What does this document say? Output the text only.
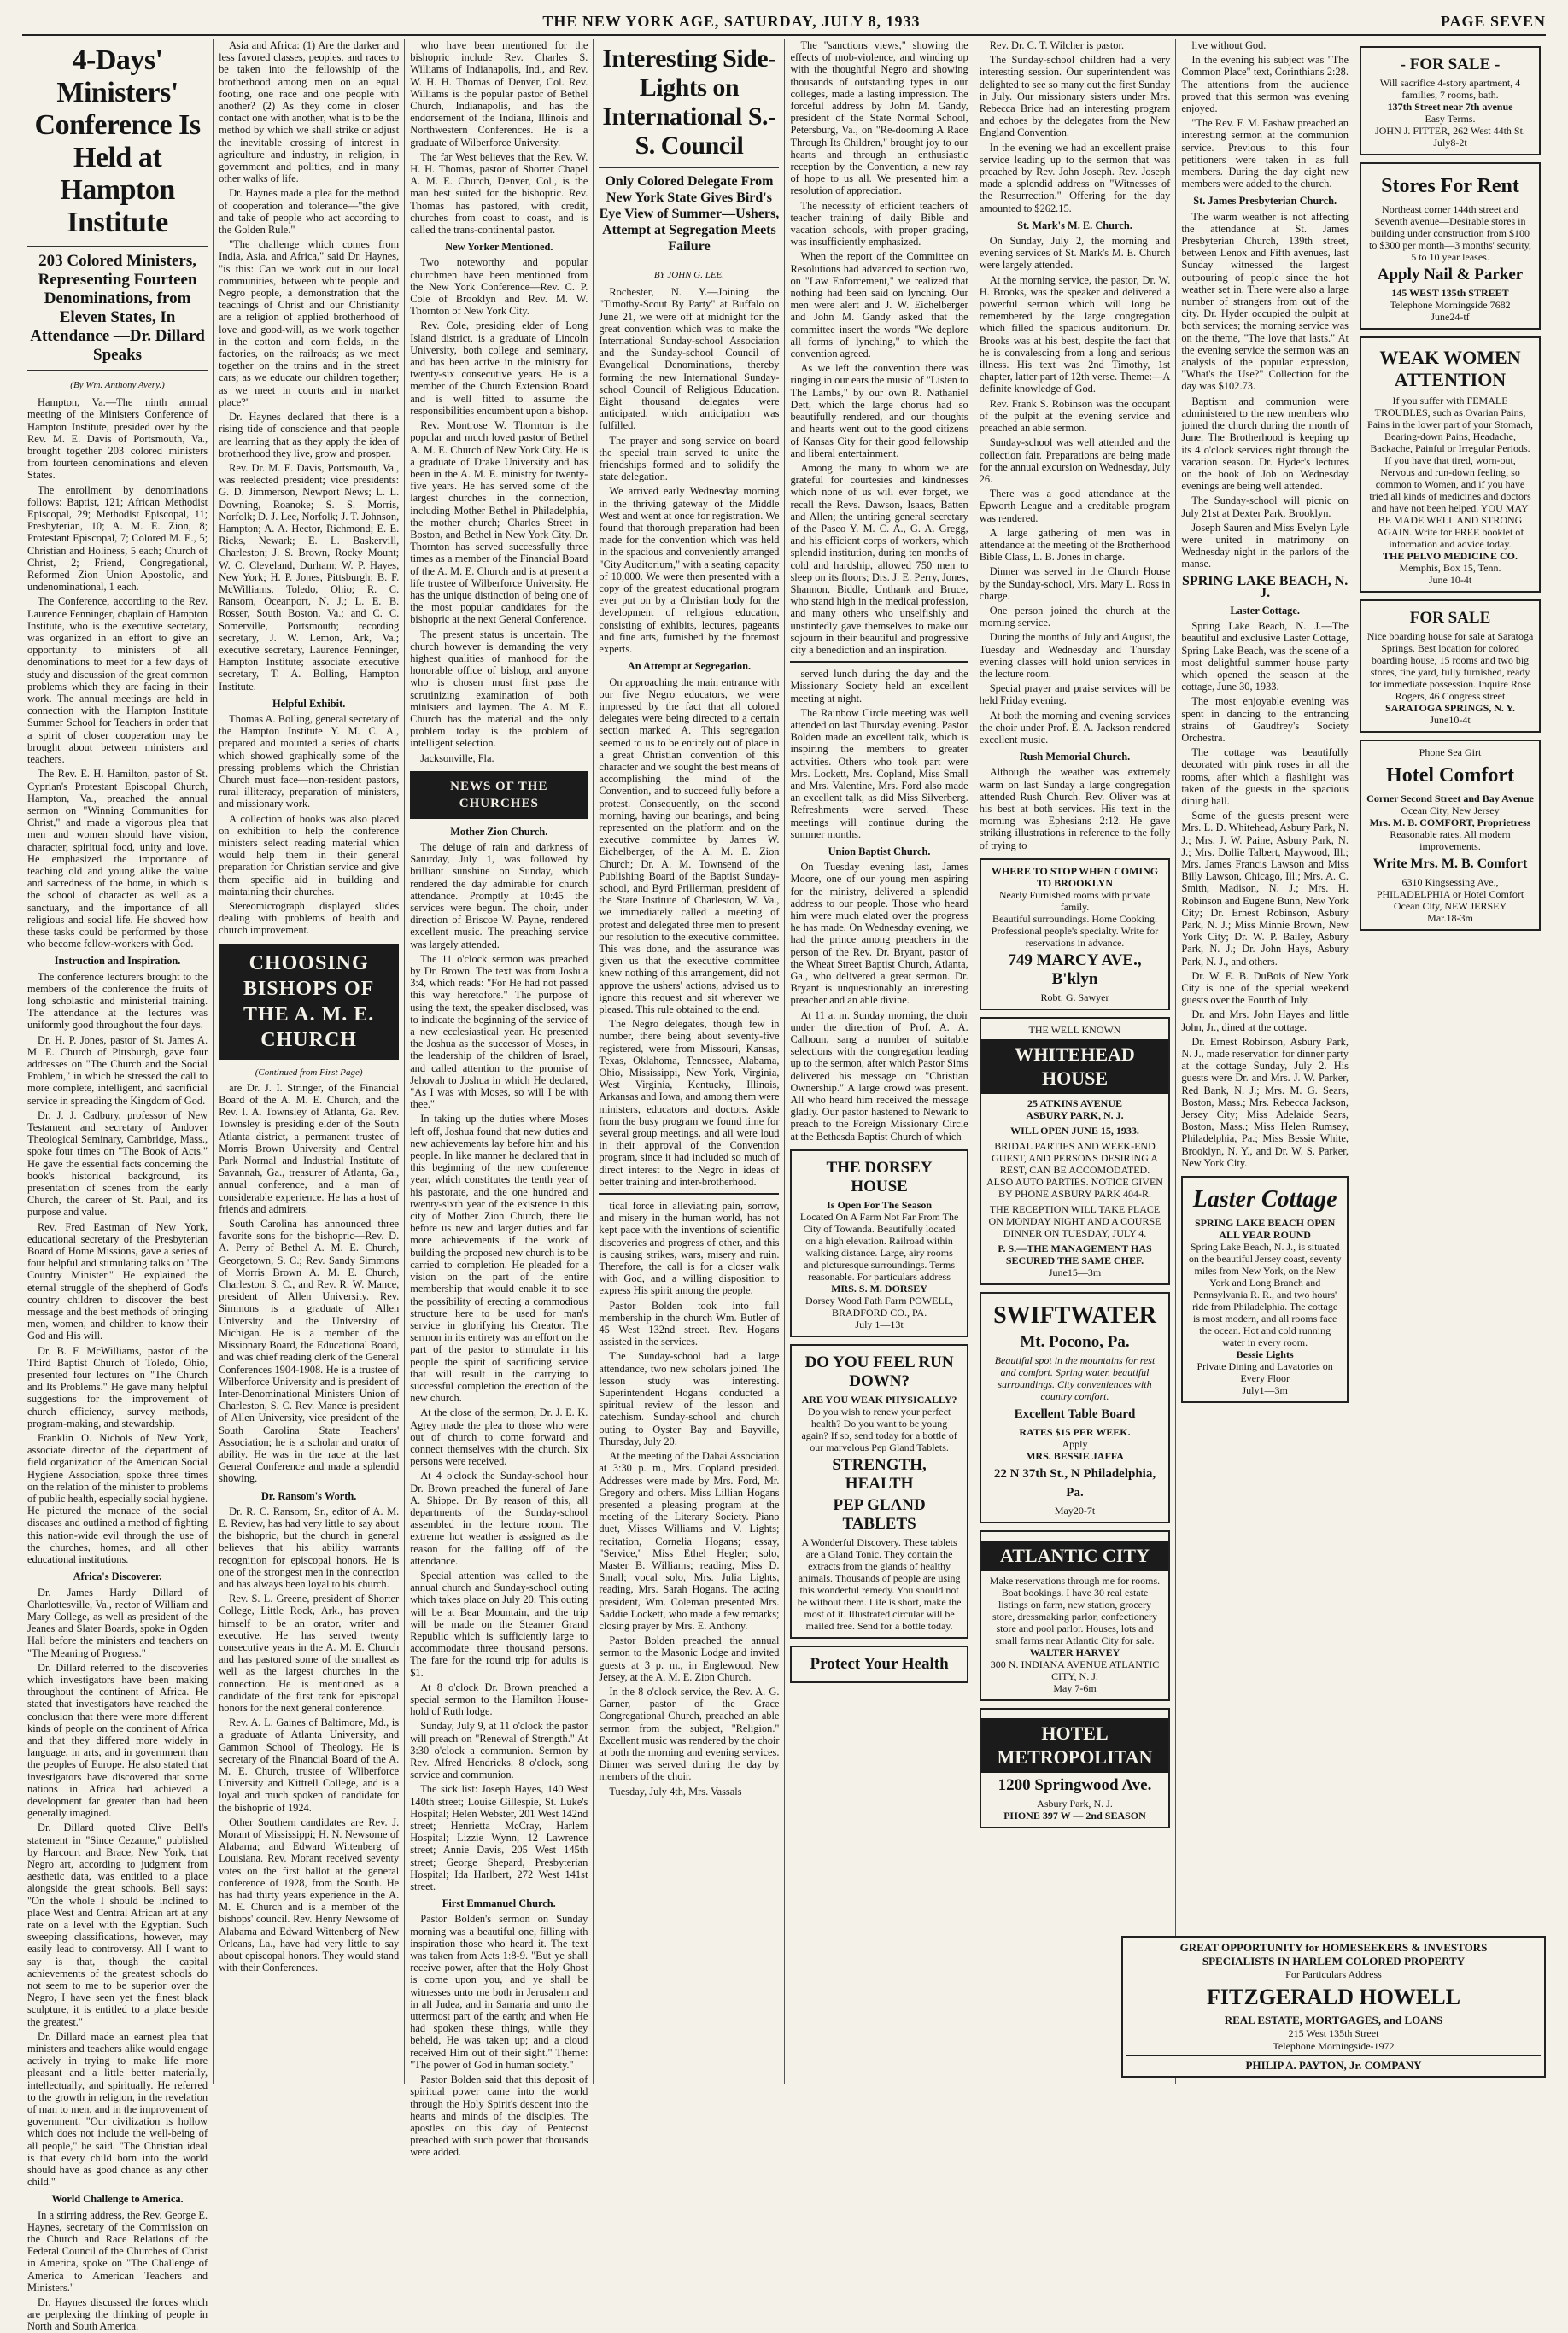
THE NEW YORK AGE, SATURDAY, JULY 8, 1933	PAGE SEVEN
4-Days' Ministers' Conference Is Held at Hampton Institute
203 Colored Ministers, Representing Fourteen Denominations, from Eleven States, In Attendance —Dr. Dillard Speaks
(By Wm. Anthony Avery.)

Hampton, Va.—The ninth annual meeting of the Ministers Conference of Hampton Institute, presided over by the Rev. M. E. Davis of Portsmouth, Va., brought together 203 colored ministers from fourteen denominations and eleven States.

The enrollment by denominations follows: Baptist, 121; African Methodist Episcopal, 29; Methodist Episcopal, 11; Presbyterian, 10; A. M. E. Zion, 8; Protestant Episcopal, 7; Colored M. E., 5; Christian and Holiness, 5 each; Church of Christ, 2; Friend, Congregational, Reformed Zion Union Apostolic, and undenominational, 1 each.

The Conference, according to the Rev. Laurence Fenninger, chaplain of Hampton Institute, who is the executive secretary, was organized in an effort to give an opportunity to ministers of all denominations to meet for a few days of study and discussion of the great common problems which they are facing in their work. The annual meetings are held in connection with the Hampton Institute Summer School for Teachers in order that a spirit of closer cooperation may be brought about between ministers and teachers.

The Rev. E. H. Hamilton, pastor of St. Cyprian's Protestant Episcopal Church, Hampton, Va., preached the annual sermon on "Winning Communities for Christ," and made a vigorous plea that men and women should have vision, character, spiritual food, unity and love. He emphasized the importance of teaching old and young alike the value and sacredness of the home, in which is the school of character as well as a sanctuary, and the importance of all religious and social life. He showed how these tasks could be performed by those who become fellow-workers with God.

Instruction and Inspiration.

The conference lecturers brought to the members of the conference the fruits of long scholastic and ministerial training. The attendance at the lectures was uniformly good throughout the four days.

Dr. H. P. Jones, pastor of St. James A. M. E. Church of Pittsburgh, gave four addresses on "The Church and the Social Problem," in which he stressed the call to more complete, intelligent, and sacrificial service in spreading the Kingdom of God.

Dr. J. J. Cadbury, professor of New Testament and secretary of Andover Theological Seminary, Cambridge, Mass., spoke four times on "The Book of Acts." He gave the essential facts concerning the book's historical background, its presentation of scenes from the early Church, the career of St. Paul, and its purpose and value.

Rev. Fred Eastman of New York, educational secretary of the Presbyterian Board of Home Missions, gave a series of four helpful and stimulating talks on "The Country Minister." He explained the eternal struggle of the shepherd of God's country children to discover the best message and the best methods of bringing men, women, and children to know their God and His will.

Dr. B. F. McWilliams, pastor of the Third Baptist Church of Toledo, Ohio, presented four lectures on "The Church and Its Problems." He gave many helpful suggestions for the improvement of church efficiency, survey methods, program-making, and stewardship.

Franklin O. Nichols of New York, associate director of the department of field organization of the American Social Hygiene Association, spoke three times on the relation of the minister to problems of public health, especially social hygiene. He pictured the menace of the social diseases and outlined a method of fighting this nation-wide evil through the use of the churches, homes, and all other educational institutions.

Africa's Discoverer.

Dr. James Hardy Dillard of Charlottesville, Va., rector of William and Mary College, as well as president of the Jeanes and Slater Boards, spoke in Ogden Hall before the ministers and teachers on "The Meaning of Progress."

Dr. Dillard referred to the discoveries which investigators have been making throughout the continent of Africa. He stated that investigators have reached the conclusion that there were more different kinds of people on the continent of Africa and that they differed more widely in language, in arts, and in government than the peoples of Europe. He also stated that investigators have discovered that some nations in Africa had achieved a development far greater than had been generally imagined.

Dr. Dillard quoted Clive Bell's statement in "Since Cezanne," published by Harcourt and Brace, New York, that Negro art, according to judgment from aesthetic data, was entitled to a place alongside the great schools. Bell says: "On the whole I should be inclined to place West and Central African art at any rate on a level with the Egyptian. Such sweeping classifications, however, may easily lead to controversy. All I want to say is that, though the capital achievements of the greatest schools do not seem to me to be superior over the Negro, I have seen yet the finest black sculpture, it is entitled to a place beside the greatest."

Dr. Dillard made an earnest plea that ministers and teachers alike would engage actively in trying to make life more pleasant and a little better materially, intellectually, and spiritually. He referred to the growth in religion, in the revelation of man to men, and in the improvement of government. "Our civilization is hollow which does not include the well-being of all people," he said. "The Christian ideal is that every child born into the world should have as good chance as any other child."

World Challenge to America.

In a stirring address, the Rev. George E. Haynes, secretary of the Commission on the Church and Race Relations of the Federal Council of the Churches of Christ in America, spoke on "The Challenge of America to American Teachers and Ministers."

Dr. Haynes discussed the forces which are perplexing the thinking of people in North and South America.

Asia and Africa: (1) Are the darker and less favored classes, peoples, and races to be taken into the fellowship of the brotherhood among men on an equal footing, one race and one people with another? (2) As they come in closer contact one with another, what is to be the method by which we shall strike or adjust the inevitable crossing of interest in agriculture and industry, in religion, in government and politics, and in many other walks of life.

Dr. Haynes made a plea for the method of cooperation and tolerance—"the give and take of people who act according to the Golden Rule."

"The challenge which comes from India, Asia, and Africa," said Dr. Haynes, "is this: Can we work out in our local communities, between white people and Negro people, a demonstration that the teachings of Christ and our Christianity are a religion of applied brotherhood of love and good-will, as we work together in the cotton and corn fields, in the factories, on the railroads; as we meet together on the trains and in the street cars; as we educate our children together; as we meet in courts and in market place?"

Dr. Haynes declared that there is a rising tide of conscience and that people are learning that as they apply the idea of brotherhood they live, grow and prosper.

Rev. Dr. M. E. Davis, Portsmouth, Va., was reelected president; vice presidents: G. D. Jimmerson, Newport News; L. L. Downing, Roanoke; S. S. Morris, Norfolk; D. J. Lee, Norfolk; J. T. Johnson, Hampton; A. A. Hector, Richmond; E. E. Ricks, Newark; E. L. Baskervill, Charleston; J. S. Brown, Rocky Mount; W. C. Cleveland, Durham; W. P. Hayes, New York; H. P. Jones, Pittsburgh; B. F. McWilliams, Toledo, Ohio; R. C. Ransom, Oceanport, N. J.; L. E. B. Rosser, South Boston, Va.; and C. C. Somerville, Portsmouth; recording secretary, J. W. Lemon, Ark, Va.; executive secretary, Laurence Fenninger, Hampton Institute; associate executive secretary, T. A. Bolling, Hampton Institute.

Helpful Exhibit.

Thomas A. Bolling, general secretary of the Hampton Institute Y. M. C. A., prepared and mounted a series of charts which showed graphically some of the pressing problems which the Christian Church must face—non-resident pastors, rural illiteracy, preparation of ministers, and missionary work.

A collection of books was also placed on exhibition to help the conference ministers select reading material which would help them in their general preparation for Christian service and give them specific aid in building and maintaining their churches.

Stereomicrograph displayed slides dealing with problems of health and church improvement.

CHOOSING BISHOPS OF THE A. M. E. CHURCH
(Continued from First Page)

are Dr. J. I. Stringer, of the Financial Board of the A. M. E. Church, and the Rev. I. A. Townsley of Atlanta, Ga. Rev. Townsley is presiding elder of the South Atlanta district, a permanent trustee of Morris Brown University and Central Park Normal and Industrial Institute of Savannah, Ga., treasurer of Atlanta, Ga., annual conference, and a man of considerable experience. He has a host of friends and admirers.

South Carolina has announced three favorite sons for the bishopric—Rev. D. A. Perry of Bethel A. M. E. Church, Georgetown, S. C.; Rev. Sandy Simmons of Morris Brown A. M. E. Church, Charleston, S. C., and Rev. R. W. Mance, president of Allen University. Rev. Simmons is a graduate of Allen University and the University of Michigan. He is a member of the Missionary Board, the Educational Board, and was chief reading clerk of the General Conferences 1904-1908. He is a trustee of Wilberforce University and is president of Inter-Denominational Ministers Union of Charleston, S. C. Rev. Mance is president of Allen University, vice president of the South Carolina State Teachers' Association; he is a scholar and orator of ability. He was in the race at the last General Conference and made a splendid showing.

Dr. Ransom's Worth.

Dr. R. C. Ransom, Sr., editor of A. M. E. Review, has had very little to say about the bishopric, but the church in general believes that his ability warrants recognition for episcopal honors. He is one of the strongest men in the connection and has always been loyal to his church.

Rev. S. L. Greene, president of Shorter College, Little Rock, Ark., has proven himself to be an orator, writer and executive. He has served twenty consecutive years in the A. M. E. Church and has pastored some of the smallest as well as the largest churches in the connection. He is mentioned as a candidate of the first rank for episcopal honors for the next general conference.

Rev. A. L. Gaines of Baltimore, Md., is a graduate of Atlanta University, and Gammon School of Theology. He is secretary of the Financial Board of the A. M. E. Church, trustee of Wilberforce University and Kittrell College, and is a loyal and much spoken of candidate for the bishopric of 1924.

Other Southern candidates are Rev. J. Morant of Mississippi; H. N. Newsome of Alabama; and Edward Wittenberg of Louisiana. Rev. Morant received seventy votes on the first ballot at the general conference of 1928, from the South. He has had thirty years experience in the A. M. E. Church and is a member of the bishops' council. Rev. Henry Newsome of Alabama and Edward Wittenberg of New Orleans, La., have had very little to say about episcopal honors. They would stand with their Conferences.

who have been mentioned for the bishopric include Rev. Charles S. Williams of Indianapolis, Ind., and Rev. W. H. H. Thomas of Denver, Col. Rev. Williams is the popular pastor of Bethel Church, Indianapolis, and has the endorsement of the Indiana, Illinois and Northwestern Conferences. He is a graduate of Wilberforce University.

The far West believes that the Rev. W. H. H. Thomas, pastor of Shorter Chapel A. M. E. Church, Denver, Col., is the man best suited for the bishopric. Rev. Thomas has pastored, with credit, churches from coast to coast, and is called the trans-continental pastor.

New Yorker Mentioned.

Two noteworthy and popular churchmen have been mentioned from the New York Conference—Rev. C. P. Cole of Brooklyn and Rev. M. W. Thornton of New York City.

Rev. Cole, presiding elder of Long Island district, is a graduate of Lincoln University, both college and seminary, and has been active in the ministry for twenty-six consecutive years. He is a member of the Church Extension Board and is well fitted to assume the responsibilities encumbent upon a bishop.

Rev. Montrose W. Thornton is the popular and much loved pastor of Bethel A. M. E. Church of New York City. He is a graduate of Drake University and has been in the A. M. E. ministry for twenty-five years. He has served some of the largest churches in the connection, including Mother Bethel in Philadelphia, the mother church; Charles Street in Boston, and Bethel in New York City. Dr. Thornton has served successfully three times as a member of the Financial Board of the A. M. E. Church and is at present a life trustee of Wilberforce University. He has the unique distinction of being one of the most popular candidates for the bishopric at the next General Conference.

The present status is uncertain. The church however is demanding the very highest qualities of manhood for the honorable office of bishop, and anyone who is chosen must first pass the scrutinizing examination of both ministers and laymen. The A. M. E. Church has the material and the only problem today is the problem of intelligent selection.

Jacksonville, Fla.

NEWS OF THE CHURCHES
Mother Zion Church.

The deluge of rain and darkness of Saturday, July 1, was followed by brilliant sunshine on Sunday, which rendered the day admirable for church attendance. Promptly at 10:45 the services were begun. The choir, under direction of Briscoe W. Payne, rendered excellent music. The preaching service was largely attended.

The 11 o'clock sermon was preached by Dr. Brown. The text was from Joshua 3:4, which reads: "For He had not passed this way heretofore." The purpose of using the text, the speaker disclosed, was to indicate the beginning of the service of a new ecclesiastical year. He presented the Joshua as the successor of Moses, in the leadership of the children of Israel, and called attention to the promise of Jehovah to Joshua in which He declared, "As I was with Moses, so will I be with thee."

In taking up the duties where Moses left off, Joshua found that new duties and new achievements lay before him and his people. In like manner he declared that in this beginning of the new conference year, which constitutes the tenth year of his pastorate, and the one hundred and twenty-sixth year of the existence in this city of Mother Zion Church, there lie before us new and larger duties and far more achievements if the work of building the proposed new church is to be carried to completion. He pleaded for a vision on the part of the entire membership that would enable it to see the possibility of erecting a commodious structure here to be used for man's service in glorifying his Creator. The sermon in its entirety was an effort on the part of the pastor to stimulate in his people the spirit of sacrificing service that will result in the carrying to successful completion the erection of the new church.

At the close of the sermon, Dr. J. E. K. Agrey made the plea to those who were out of church to come forward and connect themselves with the church. Six persons were received.

At 4 o'clock the Sunday-school hour Dr. Brown preached the funeral of Jane A. Shippe. Dr. By reason of this, all departments of the Sunday-school assembled in the lecture room. The extreme hot weather is assigned as the reason for the falling off of the attendance.

Special attention was called to the annual church and Sunday-school outing which takes place on July 20. This outing will be at Bear Mountain, and the trip will be made on the Steamer Grand Republic which is sufficiently large to accommodate three thousand persons. The fare for the round trip for adults is $1.

At 8 o'clock Dr. Brown preached a special sermon to the Hamilton House-hold of Ruth lodge.

Sunday, July 9, at 11 o'clock the pastor will preach on "Renewal of Strength." At 3:30 o'clock a communion. Sermon by Rev. Alfred Hendricks. 8 o'clock, song service and communion.

The sick list: Joseph Hayes, 140 West 140th street; Louise Gillespie, St. Luke's Hospital; Helen Webster, 201 West 142nd street; Henrietta McCray, Harlem Hospital; Lizzie Wynn, 12 Lawrence street; Annie Davis, 205 West 145th street; George Shepard, Presbyterian Hospital; Ida Harlbert, 272 West 141st street.

First Emmanuel Church.

Pastor Bolden's sermon on Sunday morning was a beautiful one, filling with inspiration those who heard it. The text was taken from Acts 1:8-9. "But ye shall receive power, after that the Holy Ghost is come upon you, and ye shall be witnesses unto me both in Jerusalem and in all Judea, and in Samaria and unto the uttermost part of the earth; and when He had spoken these things, while they beheld, He was taken up; and a cloud received Him out of their sight." Theme: "The power of God in human society."

Pastor Bolden said that this deposit of spiritual power came into the world through the Holy Spirit's descent into the hearts and minds of the disciples. The apostles on this day of Pentecost preached with such power that thousands were added.

Interesting Side-Lights on International S.-S. Council
Only Colored Delegate From New York State Gives Bird's Eye View of Summer—Ushers, Attempt at Segregation Meets Failure
BY JOHN G. LEE.

Rochester, N. Y.—Joining the "Timothy-Scout By Party" at Buffalo on June 21, we were off at midnight for the great convention which was to make the International Sunday-school Association and the Sunday-school Council of Evangelical Denominations, thereby forming the new International Sunday-school Council of Religious Education. Eight thousand delegates were anticipated, which anticipation was fulfilled.

The prayer and song service on board the special train served to unite the friendships formed and to solidify the state delegation.

We arrived early Wednesday morning in the thriving gateway of the Middle West and went at once for registration. We found that thorough preparation had been made for the convention which was held in the spacious and conveniently arranged "City Auditorium," with a seating capacity of 10,000. We were then presented with a copy of the greatest educational program ever put on by a Christian body for the development of religious education, consisting of exhibits, lectures, pageants and fine arts, furnished by the foremost experts.

An Attempt at Segregation.

On approaching the main entrance with our five Negro educators, we were impressed by the fact that all colored delegates were being directed to a certain section marked A. This segregation seemed to us to be entirely out of place in a great Christian convention of this character and we sought the best means of accomplishing the mind of the Convention, and to succeed fully before a protest. Consequently, on the second morning, having our bearings, and being represented on the platform and on the executive committee by James W. Eichelberger, of the A. M. E. Zion Church; Dr. A. M. Townsend of the Publishing Board of the Baptist Sunday-school, and Byrd Prillerman, president of the State Institute of Charleston, W. Va., we immediately called a meeting of protest and delegated three men to present our resolution to the executive committee. This was done, and the assurance was given us that the executive committee knew nothing of this arrangement, did not approve the ushers' actions, advised us to ignore this request and sit wherever we pleased. This rule obtained to the end.

The Negro delegates, though few in number, there being about seventy-five registered, were from Missouri, Kansas, Texas, Oklahoma, Tennessee, Alabama, Ohio, Mississippi, New York, Virginia, West Virginia, Kentucky, Illinois, Arkansas and Iowa, and among them were ministers, educators and doctors. Aside from the busy program we found time for several group meetings, and all were loud in their approval of the Convention program, since it had included so much of direct interest to the Negro in ideas of better training and inter-brotherhood.

tical force in alleviating pain, sorrow, and misery in the human world, has not kept pace with the inventions of scientific discoveries and progress of other, and this is causing strikes, wars, misery and ruin. Therefore, the call is for a closer walk with God, and a willing disposition to express His spirit among the people.

Pastor Bolden took into full membership in the church Wm. Butler of 45 West 132nd street. Rev. Hogans assisted in the services.

The Sunday-school had a large attendance, two new scholars joined. The lesson study was interesting. Superintendent Hogans conducted a spiritual review of the lesson and catechism. Sunday-school and church outing to Oyster Bay and Bayville, Thursday, July 20.

At the meeting of the Dahai Association at 3:30 p. m., Mrs. Copland presided. Addresses were made by Mrs. Ford, Mr. Gregory and others. Miss Lillian Hogans presented a pleasing program at the meeting of the Literary Society. Piano duet, Misses Williams and V. Lights; recitation, Cornelia Hogans; essay, "Service," Miss Ethel Hegler; solo, Master B. Williams; reading, Miss D. Small; vocal solo, Mrs. Julia Lights, reading, Mrs. Sarah Hogans. The acting president, Wm. Coleman presented Mrs. Saddie Lockett, who made a few remarks; closing prayer by Mrs. E. Anthony.

Pastor Bolden preached the annual sermon to the Masonic Lodge and invited guests at 3 p. m., in Englewood, New Jersey, at the A. M. E. Zion Church.

In the 8 o'clock service, the Rev. A. G. Garner, pastor of the Grace Congregational Church, preached an able sermon from the subject, "Religion." Excellent music was rendered by the choir at both the morning and evening services. Dinner was served during the day by members of the choir.

Tuesday, July 4th, Mrs. Vassals

The "sanctions views," showing the effects of mob-violence, and winding up with the thoughtful Negro and showing thousands of outstanding types in our colleges, made a lasting impression. The forceful address by John M. Gandy, president of the State Normal School, Petersburg, Va., on "Re-dooming A Race Through Its Children," brought joy to our hearts and through an enthusiastic reception by the Convention, a new ray of hope to us all. We presented him a resolution of appreciation.

The necessity of efficient teachers of teacher training of daily Bible and vacation schools, with proper grading, was insufficiently emphasized.

When the report of the Committee on Resolutions had advanced to section two, on "Law Enforcement," we realized that nothing had been said on lynching. Our men were alert and J. W. Eichelberger and John M. Gandy asked that the committee insert the words "We deplore all forms of lynching," to which the convention agreed.

As we left the convention there was ringing in our ears the music of "Listen to The Lambs," by our own R. Nathaniel Dett, which the large chorus had so beautifully rendered, and our thoughts and hearts went out to the good citizens of Kansas City for their good fellowship and liberal entertainment.

Among the many to whom we are grateful for courtesies and kindnesses which none of us will ever forget, we recall the Revs. Dawson, Isaacs, Batten and Allen; the untiring general secretary of the Paseo Y. M. C. A., G. A. Gregg, and his efficient corps of workers, which splendid institution, during ten months of cold and hardship, allowed 750 men to sleep on its floors; Drs. J. E. Perry, Jones, Shannon, Biddle, Unthank and Bruce, who stand high in the medical profession, and many others who unselfishly and unstintedly gave themselves to make our sojourn in their beautiful and progressive city a benediction and an inspiration.

served lunch during the day and the Missionary Society held an excellent meeting at night.

The Rainbow Circle meeting was well attended on last Thursday evening. Pastor Bolden made an excellent talk, which is inspiring the members to greater activities. Others who took part were Mrs. Lockett, Mrs. Copland, Miss Small and Mrs. Valentine, Mrs. Ford also made an excellent talk, as did Miss Silverberg. Refreshments were served. These meetings will continue during the summer months.

Union Baptist Church.

On Tuesday evening last, James Moore, one of our young men aspiring for the ministry, delivered a splendid address to our people. Those who heard him were much elated over the progress he has made. On Wednesday evening, we had the prince among preachers in the person of the Rev. Dr. Bryant, pastor of the Wheat Street Baptist Church, Atlanta, Ga., who delivered a great sermon. Dr. Bryant is unquestionably an interesting preacher and an able divine.

At 11 a. m. Sunday morning, the choir under the direction of Prof. A. A. Calhoun, sang a number of suitable selections with the congregation leading up to the sermon, after which Pastor Sims delivered his message on "Christian Ownership." A large crowd was present. All who heard him received the message gladly. Our pastor hastened to Newark to preach to the Foreign Missionary Circle at the Bethesda Baptist Church of which

THE DORSEY HOUSE
Is Open For The Season
Located On A Farm Not Far From The City of Towanda. Beautifully located on a high elevation. Railroad within walking distance. Large, airy rooms and picturesque surroundings. Terms reasonable. For particulars address
MRS. S. M. DORSEY
Dorsey Wood Path Farm POWELL, BRADFORD CO., PA.
July 1—13t
DO YOU FEEL RUN DOWN?
ARE YOU WEAK PHYSICALLY?
Do you wish to renew your perfect health? Do you want to be young again? If so, send today for a bottle of our marvelous Pep Gland Tablets.
STRENGTH, HEALTH
PEP GLAND TABLETS
A Wonderful Discovery. These tablets are a Gland Tonic. They contain the extracts from the glands of healthy animals. Thousands of people are using this wonderful remedy. You should not be without them. Life is short, make the most of it. Illustrated circular will be mailed free. Send for a bottle today.
Protect Your Health

Rev. Dr. C. T. Wilcher is pastor.

The Sunday-school children had a very interesting session. Our superintendent was delighted to see so many out the first Sunday in July. Our missionary sisters under Mrs. Rebecca Brice had an interesting program and echoes by the delegates from the New England Convention.

In the evening we had an excellent praise service leading up to the sermon that was preached by Rev. John Joseph. Rev. Joseph made a splendid address on "Witnesses of the Resurrection." Offering for the day amounted to $262.15.

St. Mark's M. E. Church.

On Sunday, July 2, the morning and evening services of St. Mark's M. E. Church were largely attended.

At the morning service, the pastor, Dr. W. H. Brooks, was the speaker and delivered a powerful sermon which will long be remembered by the large congregation which filled the spacious auditorium. Dr. Brooks was at his best, despite the fact that he is convalescing from a long and serious illness. His text was 2nd Timothy, 1st chapter, latter part of 12th verse. Theme:—A definite knowledge of God.

Rev. Frank S. Robinson was the occupant of the pulpit at the evening service and preached an able sermon.

Sunday-school was well attended and the collection fair. Preparations are being made for the annual excursion on Wednesday, July 26.

There was a good attendance at the Epworth League and a creditable program was rendered.

A large gathering of men was in attendance at the meeting of the Brotherhood Bible Class, L. B. Jones in charge.

Dinner was served in the Church House by the Sunday-school, Mrs. Mary L. Ross in charge.

One person joined the church at the morning service.

During the months of July and August, the Tuesday and Wednesday and Thursday evening classes will hold union services in the lecture room.

Special prayer and praise services will be held Friday evening.

At both the morning and evening services the choir under Prof. E. A. Jackson rendered excellent music.

Rush Memorial Church.

Although the weather was extremely warm on last Sunday a large congregation attended Rush Church. Rev. Oliver was at his best at both services. His text in the morning was Ephesians 2:12. He gave striking illustrations in reference to the folly of trying to

WHERE TO STOP WHEN COMING TO BROOKLYN
Nearly Furnished rooms with private family.
Beautiful surroundings. Home Cooking.
Professional people's specialty. Write for reservations in advance.
749 MARCY AVE., B'klyn
Robt. G. Sawyer
THE WELL KNOWN
WHITEHEAD HOUSE
25 ATKINS AVENUE
ASBURY PARK, N. J.
WILL OPEN JUNE 15, 1933.
BRIDAL PARTIES AND WEEK-END GUEST, AND PERSONS DESIRING A REST, CAN BE ACCOMODATED. ALSO AUTO PARTIES. NOTICE GIVEN BY PHONE ASBURY PARK 404-R.
THE RECEPTION WILL TAKE PLACE ON MONDAY NIGHT AND A COURSE DINNER ON TUESDAY, JULY 4.
P. S.—THE MANAGEMENT HAS SECURED THE SAME CHEF.
June15—3m
SWIFTWATER
Mt. Pocono, Pa.
Beautiful spot in the mountains for rest and comfort. Spring water, beautiful surroundings. City conveniences with country comfort.
Excellent Table Board
RATES $15 PER WEEK.
Apply
MRS. BESSIE JAFFA
22 N 37th St., N Philadelphia, Pa.
May20-7t
ATLANTIC CITY
Make reservations through me for rooms. Boat bookings. I have 30 real estate listings on farm, new station, grocery store, dressmaking parlor, confectionery store and pool parlor. Houses, lots and small farms near Atlantic City for sale.
WALTER HARVEY
300 N. INDIANA AVENUE ATLANTIC CITY, N. J.
May 7-6m
HOTEL METROPOLITAN
1200 Springwood Ave.
Asbury Park, N. J.
PHONE 397 W — 2nd SEASON

live without God.

In the evening his subject was "The Common Place" text, Corinthians 2:28. The attentions from the audience proved that this sermon was evening enjoyed.

"The Rev. F. M. Fashaw preached an interesting sermon at the communion service. Previous to this four petitioners were taken in as full members. During the day eight new members were added to the church.

St. James Presbyterian Church.

The warm weather is not affecting the attendance at St. James Presbyterian Church, 139th street, between Lenox and Fifth avenues, last Sunday witnessed the largest outpouring of people since the hot weather set in. There were also a large number of strangers from out of the city. Dr. Hyder occupied the pulpit at both services; the morning service was on the theme, "The love that lasts." At the evening service the sermon was an analysis of the popular expression, "What's the Use?" Collection for the day was $102.73.

Baptism and communion were administered to the new members who joined the church during the month of June. The Brotherhood is keeping up its 4 o'clock services right through the vacation season. Dr. Hyder's lectures on the book of Job on Wednesday evenings are being well attended.

The Sunday-school will picnic on July 21st at Dexter Park, Brooklyn.

Joseph Sauren and Miss Evelyn Lyle were united in matrimony on Wednesday night in the parlors of the manse.

SPRING LAKE BEACH, N. J.
Laster Cottage.

Spring Lake Beach, N. J.—The beautiful and exclusive Laster Cottage, Spring Lake Beach, was the scene of a most delightful summer house party which opened the season at the cottage, June 30, 1933.

The most enjoyable evening was spent in dancing to the entrancing strains of Gaudfrey's Society Orchestra.

The cottage was beautifully decorated with pink roses in all the rooms, after which a flashlight was taken of the guests in the spacious dining hall.

Some of the guests present were Mrs. L. D. Whitehead, Asbury Park, N. J.; Mrs. J. W. Paine, Asbury Park, N. J.; Mrs. Dollie Talbert, Maywood, Ill.; Mrs. James Francis Lawson and Miss Billy Lawson, Chicago, Ill.; Mrs. A. C. Smith, Madison, N. J.; Mrs. H. Robinson and Eugene Bunn, New York City; Dr. Ernest Robinson, Asbury Park, N. J.; Miss Minnie Brown, New York City; Dr. W. P. Bailey, Asbury Park, N. J.; Dr. John Hays, Asbury Park, N. J., and others.

Dr. W. E. B. DuBois of New York City is one of the special weekend guests over the Fourth of July.

Dr. and Mrs. John Hayes and little John, Jr., dined at the cottage.

Dr. Ernest Robinson, Asbury Park, N. J., made reservation for dinner party at the cottage Sunday, July 2. His guests were Dr. and Mrs. J. W. Parker, Red Bank, N. J.; Mrs. M. G. Sears, Boston, Mass.; Mrs. Rebecca Jackson, Jersey City; Miss Adelaide Sears, Boston, Mass.; Miss Helen Rumsey, Philadelphia, Pa.; Miss Bessie White, Brooklyn, N. Y., and Dr. W. S. Parker, New York City.

Laster Cottage
SPRING LAKE BEACH OPEN ALL YEAR ROUND
Spring Lake Beach, N. J., is situated on the beautiful Jersey coast, seventy miles from New York, on the New York and Long Branch and Pennsylvania R. R., and two hours' ride from Philadelphia. The cottage is most modern, and all rooms face the ocean. Hot and cold running water in every room.
Bessie Lights
Private Dining and Lavatories on Every Floor
July1—3m
- FOR SALE -
Will sacrifice 4-story apartment, 4 families, 7 rooms, bath.
137th Street near 7th avenue
Easy Terms.
JOHN J. FITTER, 262 West 44th St.
July8-2t
Stores For Rent
Northeast corner 144th street and Seventh avenue—Desirable stores in building under construction from $100 to $300 per month—3 months' security, 5 to 10 year leases.
Apply Nail & Parker
145 WEST 135th STREET
Telephone Morningside 7682
June24-tf
WEAK WOMEN ATTENTION
If you suffer with FEMALE TROUBLES, such as Ovarian Pains, Pains in the lower part of your Stomach, Bearing-down Pains, Headache, Backache, Painful or Irregular Periods. If you have that tired, worn-out, Nervous and run-down feeling, so common to Women, and if you have tried all kinds of medicines and doctors and have not been helped. YOU MAY BE MADE WELL AND STRONG AGAIN. Write for FREE booklet of information and advice today.
THE PELVO MEDICINE CO.
Memphis, Box 15, Tenn.
June 10-4t
FOR SALE
Nice boarding house for sale at Saratoga Springs. Best location for colored boarding house, 15 rooms and two big stores, fine yard, fully furnished, ready for immediate possession. Inquire Rose Rogers, 46 Congress street
SARATOGA SPRINGS, N. Y.
June10-4t
Phone Sea Girt
Hotel Comfort
Corner Second Street and Bay Avenue
Ocean City, New Jersey
Mrs. M. B. COMFORT, Proprietress
Reasonable rates. All modern improvements.
Write Mrs. M. B. Comfort
6310 Kingsessing Ave., PHILADELPHIA or Hotel Comfort Ocean City, NEW JERSEY
Mar.18-3m
GREAT OPPORTUNITY for HOMESEEKERS & INVESTORS
SPECIALISTS IN HARLEM COLORED PROPERTY
For Particulars Address
FITZGERALD HOWELL
REAL ESTATE, MORTGAGES, and LOANS
215 West 135th Street
Telephone Morningside-1972
PHILIP A. PAYTON, Jr. COMPANY
